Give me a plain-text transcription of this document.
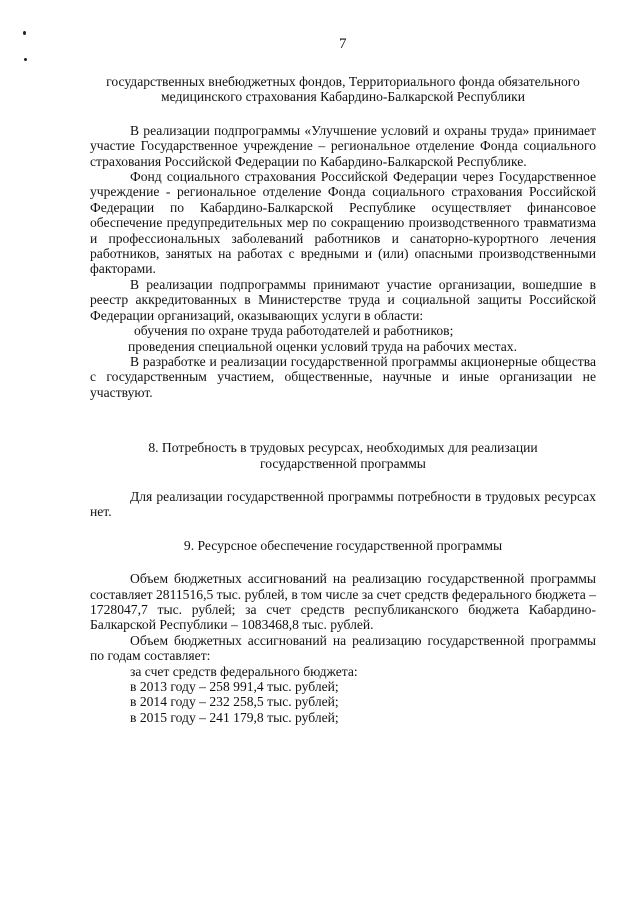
7

государственных внебюджетных фондов, Территориального фонда обязательного медицинского страхования Кабардино-Балкарской Республики

В реализации подпрограммы «Улучшение условий и охраны труда» принимает участие Государственное учреждение – региональное отделение Фонда социального страхования Российской Федерации по Кабардино-Балкарской Республике.

Фонд социального страхования Российской Федерации через Государственное учреждение - региональное отделение Фонда социального страхования Российской Федерации по Кабардино-Балкарской Республике осуществляет финансовое обеспечение предупредительных мер по сокращению производственного травматизма и профессиональных заболеваний работников и санаторно-курортного лечения работников, занятых на работах с вредными и (или) опасными производственными факторами.

В реализации подпрограммы принимают участие организации, вошедшие в реестр аккредитованных в Министерстве труда и социальной защиты Российской Федерации организаций, оказывающих услуги в области:

обучения по охране труда работодателей и работников;

проведения специальной оценки условий труда на рабочих местах.

В разработке и реализации государственной программы акционерные общества с государственным участием, общественные, научные и иные организации не участвуют.

8. Потребность в трудовых ресурсах, необходимых для реализации
государственной программы

Для реализации государственной программы потребности в трудовых ресурсах нет.

9. Ресурсное обеспечение государственной программы

Объем бюджетных ассигнований на реализацию государственной программы составляет 2811516,5 тыс. рублей, в том числе за счет средств федерального бюджета – 1728047,7 тыс. рублей; за счет средств республиканского бюджета Кабардино-Балкарской Республики – 1083468,8 тыс. рублей.

Объем бюджетных ассигнований на реализацию государственной программы по годам составляет:

за счет средств федерального бюджета:

в 2013 году – 258 991,4 тыс. рублей;

в 2014 году – 232 258,5 тыс. рублей;

в 2015 году – 241 179,8 тыс. рублей;
